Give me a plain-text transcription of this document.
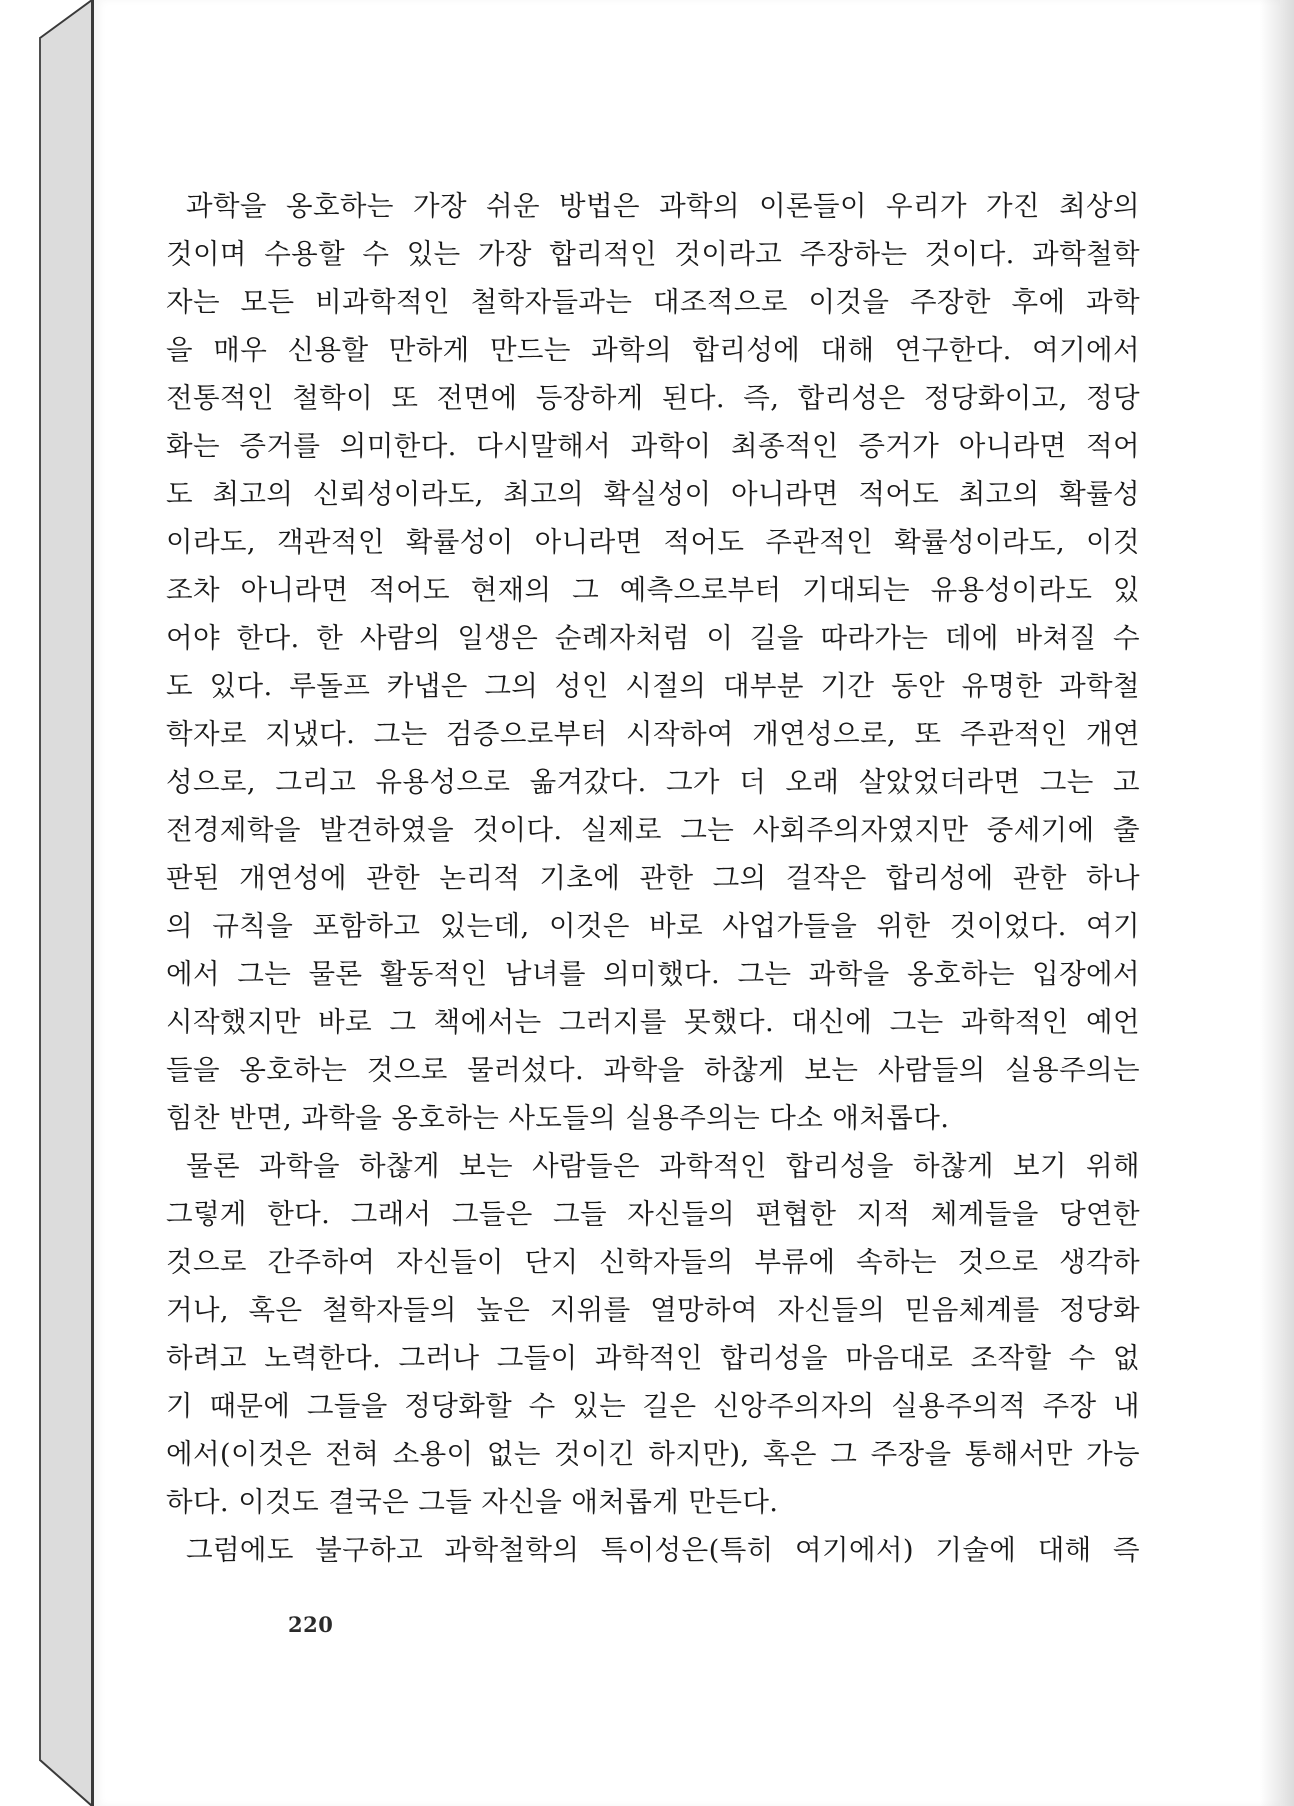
과학을 옹호하는 가장 쉬운 방법은 과학의 이론들이 우리가 가진 최상의
것이며 수용할 수 있는 가장 합리적인 것이라고 주장하는 것이다. 과학철학
자는 모든 비과학적인 철학자들과는 대조적으로 이것을 주장한 후에 과학
을 매우 신용할 만하게 만드는 과학의 합리성에 대해 연구한다. 여기에서
전통적인 철학이 또 전면에 등장하게 된다. 즉, 합리성은 정당화이고, 정당
화는 증거를 의미한다. 다시말해서 과학이 최종적인 증거가 아니라면 적어
도 최고의 신뢰성이라도, 최고의 확실성이 아니라면 적어도 최고의 확률성
이라도, 객관적인 확률성이 아니라면 적어도 주관적인 확률성이라도, 이것
조차 아니라면 적어도 현재의 그 예측으로부터 기대되는 유용성이라도 있
어야 한다. 한 사람의 일생은 순례자처럼 이 길을 따라가는 데에 바쳐질 수
도 있다. 루돌프 카냅은 그의 성인 시절의 대부분 기간 동안 유명한 과학철
학자로 지냈다. 그는 검증으로부터 시작하여 개연성으로, 또 주관적인 개연
성으로, 그리고 유용성으로 옮겨갔다. 그가 더 오래 살았었더라면 그는 고
전경제학을 발견하였을 것이다. 실제로 그는 사회주의자였지만 중세기에 출
판된 개연성에 관한 논리적 기초에 관한 그의 걸작은 합리성에 관한 하나
의 규칙을 포함하고 있는데, 이것은 바로 사업가들을 위한 것이었다. 여기
에서 그는 물론 활동적인 남녀를 의미했다. 그는 과학을 옹호하는 입장에서
시작했지만 바로 그 책에서는 그러지를 못했다. 대신에 그는 과학적인 예언
들을 옹호하는 것으로 물러섰다. 과학을 하찮게 보는 사람들의 실용주의는
힘찬 반면, 과학을 옹호하는 사도들의 실용주의는 다소 애처롭다.
물론 과학을 하찮게 보는 사람들은 과학적인 합리성을 하찮게 보기 위해
그렇게 한다. 그래서 그들은 그들 자신들의 편협한 지적 체계들을 당연한
것으로 간주하여 자신들이 단지 신학자들의 부류에 속하는 것으로 생각하
거나, 혹은 철학자들의 높은 지위를 열망하여 자신들의 믿음체계를 정당화
하려고 노력한다. 그러나 그들이 과학적인 합리성을 마음대로 조작할 수 없
기 때문에 그들을 정당화할 수 있는 길은 신앙주의자의 실용주의적 주장 내
에서(이것은 전혀 소용이 없는 것이긴 하지만), 혹은 그 주장을 통해서만 가능
하다. 이것도 결국은 그들 자신을 애처롭게 만든다.
그럼에도 불구하고 과학철학의 특이성은(특히 여기에서) 기술에 대해 즉
220
